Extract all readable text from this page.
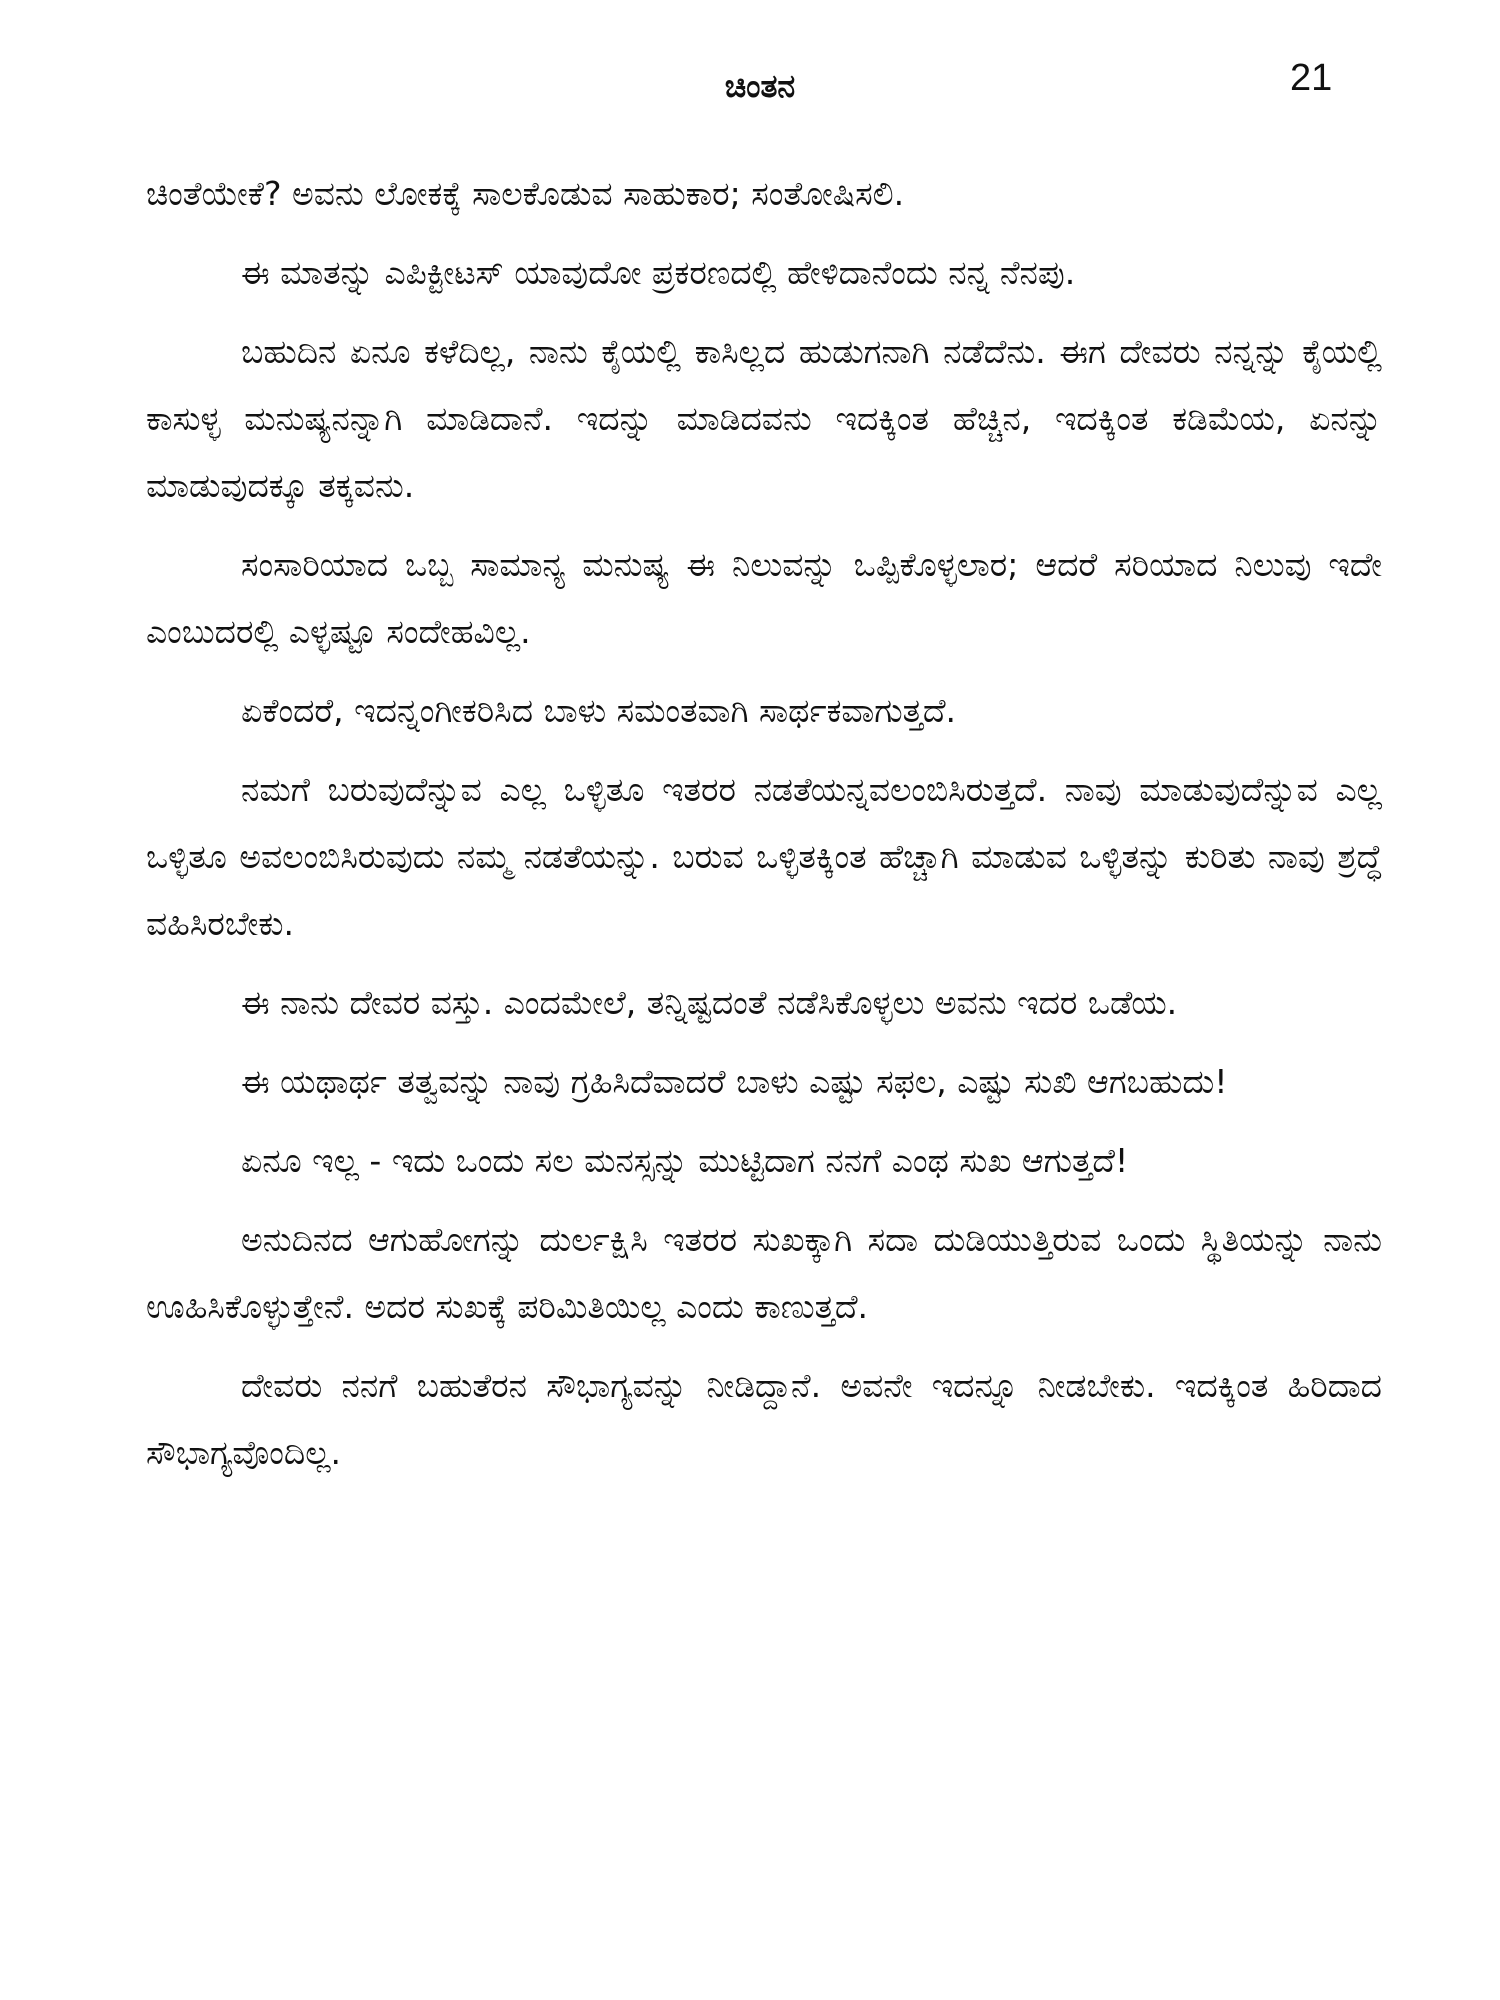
ಚಿಂತನ	21

ಚಿಂತೆಯೇಕೆ? ಅವನು ಲೋಕಕ್ಕೆ ಸಾಲಕೊಡುವ ಸಾಹುಕಾರ; ಸಂತೋಷಿಸಲಿ.

ಈ ಮಾತನ್ನು ಎಪಿಕ್ಟೀಟಸ್ ಯಾವುದೋ ಪ್ರಕರಣದಲ್ಲಿ ಹೇಳಿದಾನೆಂದು ನನ್ನ ನೆನಪು.

ಬಹುದಿನ ಏನೂ ಕಳೆದಿಲ್ಲ, ನಾನು ಕೈಯಲ್ಲಿ ಕಾಸಿಲ್ಲದ ಹುಡುಗನಾಗಿ ನಡೆದೆನು. ಈಗ ದೇವರು ನನ್ನನ್ನು ಕೈಯಲ್ಲಿ ಕಾಸುಳ್ಳ ಮನುಷ್ಯನನ್ನಾಗಿ ಮಾಡಿದಾನೆ. ಇದನ್ನು ಮಾಡಿದವನು ಇದಕ್ಕಿಂತ ಹೆಚ್ಚಿನ, ಇದಕ್ಕಿಂತ ಕಡಿಮೆಯ, ಏನನ್ನು ಮಾಡುವುದಕ್ಕೂ ತಕ್ಕವನು.

ಸಂಸಾರಿಯಾದ ಒಬ್ಬ ಸಾಮಾನ್ಯ ಮನುಷ್ಯ ಈ ನಿಲುವನ್ನು ಒಪ್ಪಿಕೊಳ್ಳಲಾರ; ಆದರೆ ಸರಿಯಾದ ನಿಲುವು ಇದೇ ಎಂಬುದರಲ್ಲಿ ಎಳ್ಳಷ್ಟೂ ಸಂದೇಹವಿಲ್ಲ.

ಏಕೆಂದರೆ, ಇದನ್ನಂಗೀಕರಿಸಿದ ಬಾಳು ಸಮಂತವಾಗಿ ಸಾರ್ಥಕವಾಗುತ್ತದೆ.

ನಮಗೆ ಬರುವುದೆನ್ನುವ ಎಲ್ಲ ಒಳ್ಳಿತೂ ಇತರರ ನಡತೆಯನ್ನವಲಂಬಿಸಿರುತ್ತದೆ. ನಾವು ಮಾಡುವುದೆನ್ನುವ ಎಲ್ಲ ಒಳ್ಳಿತೂ ಅವಲಂಬಿಸಿರುವುದು ನಮ್ಮ ನಡತೆಯನ್ನು. ಬರುವ ಒಳ್ಳಿತಕ್ಕಿಂತ ಹೆಚ್ಚಾಗಿ ಮಾಡುವ ಒಳ್ಳಿತನ್ನು ಕುರಿತು ನಾವು ಶ್ರದ್ಧೆ ವಹಿಸಿರಬೇಕು.

ಈ ನಾನು ದೇವರ ವಸ್ತು. ಎಂದಮೇಲೆ, ತನ್ನಿಷ್ಟದಂತೆ ನಡೆಸಿಕೊಳ್ಳಲು ಅವನು ಇದರ ಒಡೆಯ.

ಈ ಯಥಾರ್ಥ ತತ್ವವನ್ನು ನಾವು ಗ್ರಹಿಸಿದೆವಾದರೆ ಬಾಳು ಎಷ್ಟು ಸಫಲ, ಎಷ್ಟು ಸುಖಿ ಆಗಬಹುದು!

ಏನೂ ಇಲ್ಲ - ಇದು ಒಂದು ಸಲ ಮನಸ್ಸನ್ನು ಮುಟ್ಟಿದಾಗ ನನಗೆ ಎಂಥ ಸುಖ ಆಗುತ್ತದೆ!

ಅನುದಿನದ ಆಗುಹೋಗನ್ನು ದುರ್ಲಕ್ಷಿಸಿ ಇತರರ ಸುಖಕ್ಕಾಗಿ ಸದಾ ದುಡಿಯುತ್ತಿರುವ ಒಂದು ಸ್ಥಿತಿಯನ್ನು ನಾನು ಊಹಿಸಿಕೊಳ್ಳುತ್ತೇನೆ. ಅದರ ಸುಖಕ್ಕೆ ಪರಿಮಿತಿಯಿಲ್ಲ ಎಂದು ಕಾಣುತ್ತದೆ.

ದೇವರು ನನಗೆ ಬಹುತೆರನ ಸೌಭಾಗ್ಯವನ್ನು ನೀಡಿದ್ದಾನೆ. ಅವನೇ ಇದನ್ನೂ ನೀಡಬೇಕು. ಇದಕ್ಕಿಂತ ಹಿರಿದಾದ ಸೌಭಾಗ್ಯವೊಂದಿಲ್ಲ.
